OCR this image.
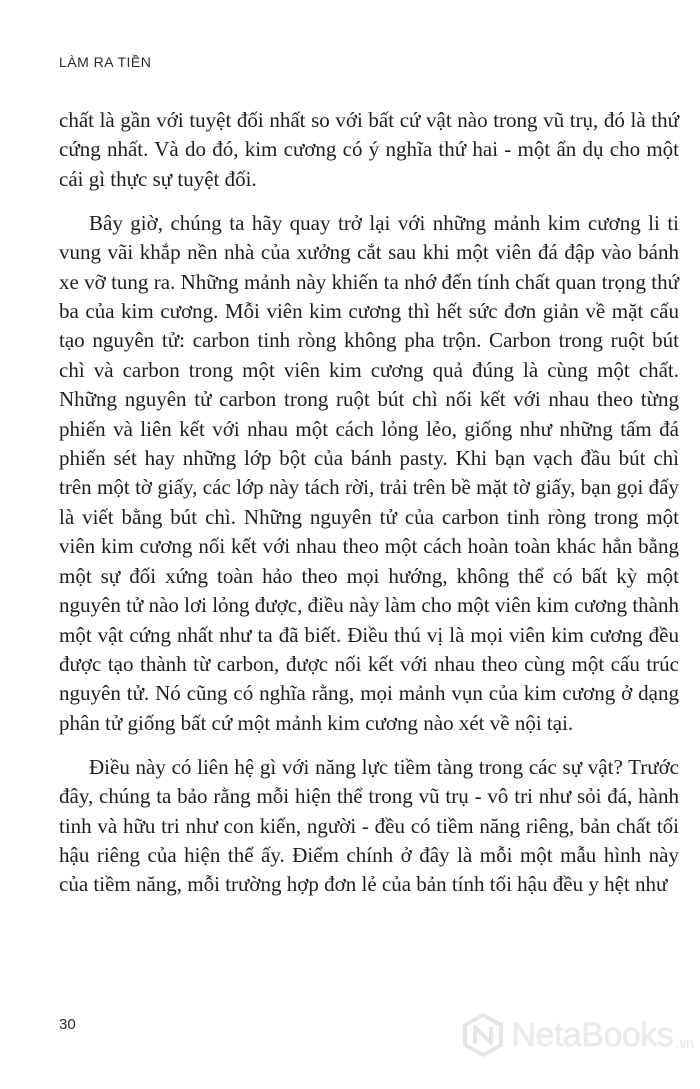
LÀM RA TIỀN

chất là gần với tuyệt đối nhất so với bất cứ vật nào trong vũ trụ, đó là thứ cứng nhất. Và do đó, kim cương có ý nghĩa thứ hai - một ẩn dụ cho một cái gì thực sự tuyệt đối.

Bây giờ, chúng ta hãy quay trở lại với những mảnh kim cương li ti vung vãi khắp nền nhà của xưởng cắt sau khi một viên đá đập vào bánh xe vỡ tung ra. Những mảnh này khiến ta nhớ đến tính chất quan trọng thứ ba của kim cương. Mỗi viên kim cương thì hết sức đơn giản về mặt cấu tạo nguyên tử: carbon tinh ròng không pha trộn. Carbon trong ruột bút chì và carbon trong một viên kim cương quả đúng là cùng một chất. Những nguyên tử carbon trong ruột bút chì nối kết với nhau theo từng phiến và liên kết với nhau một cách lỏng lẻo, giống như những tấm đá phiến sét hay những lớp bột của bánh pasty. Khi bạn vạch đầu bút chì trên một tờ giấy, các lớp này tách rời, trải trên bề mặt tờ giấy, bạn gọi đấy là viết bằng bút chì. Những nguyên tử của carbon tinh ròng trong một viên kim cương nối kết với nhau theo một cách hoàn toàn khác hẳn bằng một sự đối xứng toàn hảo theo mọi hướng, không thể có bất kỳ một nguyên tử nào lơi lỏng được, điều này làm cho một viên kim cương thành một vật cứng nhất như ta đã biết. Điều thú vị là mọi viên kim cương đều được tạo thành từ carbon, được nối kết với nhau theo cùng một cấu trúc nguyên tử. Nó cũng có nghĩa rằng, mọi mảnh vụn của kim cương ở dạng phân tử giống bất cứ một mảnh kim cương nào xét về nội tại.

Điều này có liên hệ gì với năng lực tiềm tàng trong các sự vật? Trước đây, chúng ta bảo rằng mỗi hiện thể trong vũ trụ - vô tri như sỏi đá, hành tinh và hữu tri như con kiến, người - đều có tiềm năng riêng, bản chất tối hậu riêng của hiện thể ấy. Điểm chính ở đây là mỗi một mẫu hình này của tiềm năng, mỗi trường hợp đơn lẻ của bản tính tối hậu đều y hệt như

30	NetaBooks .vn
